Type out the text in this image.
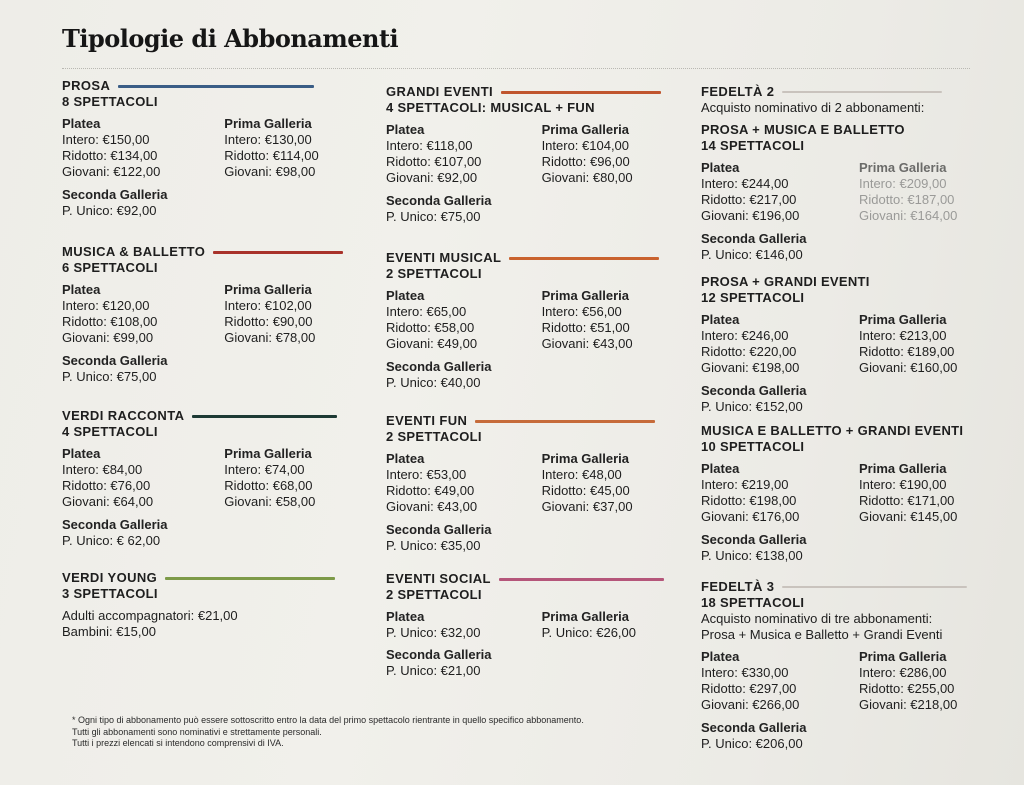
Tipologie di Abbonamenti
PROSA
8 SPETTACOLI
Platea
Intero: €150,00
Ridotto: €134,00
Giovani: €122,00
Prima Galleria
Intero: €130,00
Ridotto: €114,00
Giovani: €98,00
Seconda Galleria
P. Unico: €92,00
MUSICA & BALLETTO
6 SPETTACOLI
Platea
Intero: €120,00
Ridotto: €108,00
Giovani: €99,00
Prima Galleria
Intero: €102,00
Ridotto: €90,00
Giovani: €78,00
Seconda Galleria
P. Unico: €75,00
VERDI RACCONTA
4 SPETTACOLI
Platea
Intero: €84,00
Ridotto: €76,00
Giovani: €64,00
Prima Galleria
Intero: €74,00
Ridotto: €68,00
Giovani: €58,00
Seconda Galleria
P. Unico: € 62,00
VERDI YOUNG
3 SPETTACOLI
Adulti accompagnatori: €21,00
Bambini: €15,00
GRANDI EVENTI
4 SPETTACOLI: MUSICAL + FUN
Platea
Intero: €118,00
Ridotto: €107,00
Giovani: €92,00
Prima Galleria
Intero: €104,00
Ridotto: €96,00
Giovani: €80,00
Seconda Galleria
P. Unico: €75,00
EVENTI MUSICAL
2 SPETTACOLI
Platea
Intero: €65,00
Ridotto: €58,00
Giovani: €49,00
Prima Galleria
Intero: €56,00
Ridotto: €51,00
Giovani: €43,00
Seconda Galleria
P. Unico: €40,00
EVENTI FUN
2 SPETTACOLI
Platea
Intero: €53,00
Ridotto: €49,00
Giovani: €43,00
Prima Galleria
Intero: €48,00
Ridotto: €45,00
Giovani: €37,00
Seconda Galleria
P. Unico: €35,00
EVENTI SOCIAL
2 SPETTACOLI
Platea
P. Unico: €32,00
Prima Galleria
P. Unico: €26,00
Seconda Galleria
P. Unico: €21,00
FEDELTÀ 2
Acquisto nominativo di 2 abbonamenti:
PROSA + MUSICA E BALLETTO
14 SPETTACOLI
Platea
Intero: €244,00
Ridotto: €217,00
Giovani: €196,00
Prima Galleria
Intero: €209,00
Ridotto: €187,00
Giovani: €164,00
Seconda Galleria
P. Unico: €146,00
PROSA + GRANDI EVENTI
12 SPETTACOLI
Platea
Intero: €246,00
Ridotto: €220,00
Giovani: €198,00
Prima Galleria
Intero: €213,00
Ridotto: €189,00
Giovani: €160,00
Seconda Galleria
P. Unico: €152,00
MUSICA E BALLETTO + GRANDI EVENTI
10 SPETTACOLI
Platea
Intero: €219,00
Ridotto: €198,00
Giovani: €176,00
Prima Galleria
Intero: €190,00
Ridotto: €171,00
Giovani: €145,00
Seconda Galleria
P. Unico: €138,00
FEDELTÀ 3
18 SPETTACOLI
Acquisto nominativo di tre abbonamenti:
Prosa + Musica e Balletto + Grandi Eventi
Platea
Intero: €330,00
Ridotto: €297,00
Giovani: €266,00
Prima Galleria
Intero: €286,00
Ridotto: €255,00
Giovani: €218,00
Seconda Galleria
P. Unico: €206,00
* Ogni tipo di abbonamento può essere sottoscritto entro la data del primo spettacolo rientrante in quello specifico abbonamento.
Tutti gli abbonamenti sono nominativi e strettamente personali.
Tutti i prezzi elencati si intendono comprensivi di IVA.
